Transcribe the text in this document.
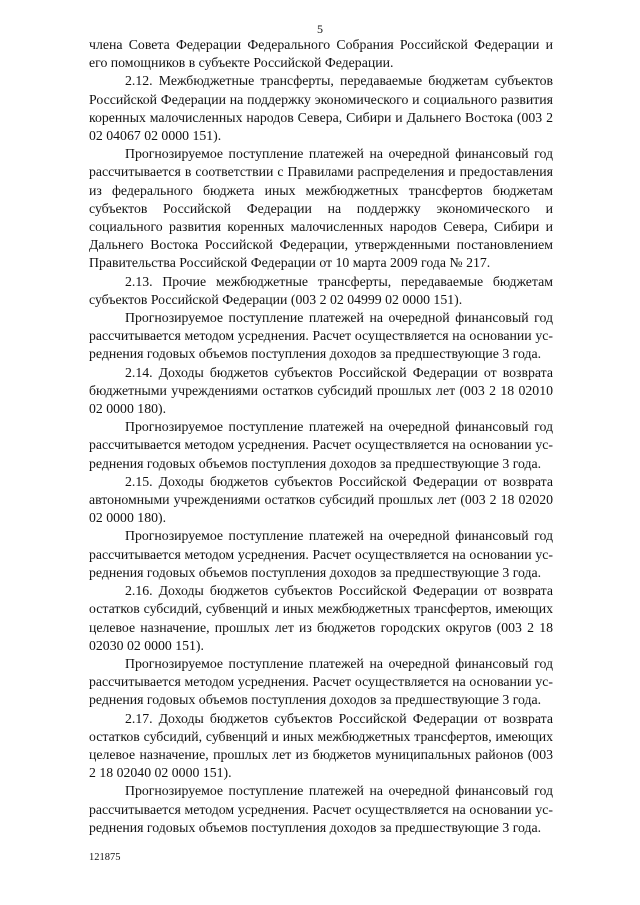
5

члена Совета Федерации Федерального Собрания Российской Федерации и его помощников в субъекте Российской Федерации.

2.12. Межбюджетные трансферты, передаваемые бюджетам субъектов Российской Федерации на поддержку экономического и социального развития коренных малочисленных народов Севера, Сибири и Дальнего Востока (003 2 02 04067 02 0000 151).

Прогнозируемое поступление платежей на очередной финансовый год рассчитывается в соответствии с Правилами распределения и предоставления из федерального бюджета иных межбюджетных трансфертов бюджетам субъектов Российской Федерации на поддержку экономического и социального развития коренных малочисленных народов Севера, Сибири и Дальнего Востока Российской Федерации, утвержденными постановлением Правительства Российской Федерации от 10 марта 2009 года № 217.

2.13. Прочие межбюджетные трансферты, передаваемые бюджетам субъектов Российской Федерации (003 2 02 04999 02 0000 151).

Прогнозируемое поступление платежей на очередной финансовый год рассчитывается методом усреднения. Расчет осуществляется на основании усреднения годовых объемов поступления доходов за предшествующие 3 года.

2.14. Доходы бюджетов субъектов Российской Федерации от возврата бюджетными учреждениями остатков субсидий прошлых лет (003 2 18 02010 02 0000 180).

Прогнозируемое поступление платежей на очередной финансовый год рассчитывается методом усреднения. Расчет осуществляется на основании усреднения годовых объемов поступления доходов за предшествующие 3 года.

2.15. Доходы бюджетов субъектов Российской Федерации от возврата автономными учреждениями остатков субсидий прошлых лет (003 2 18 02020 02 0000 180).

Прогнозируемое поступление платежей на очередной финансовый год рассчитывается методом усреднения. Расчет осуществляется на основании усреднения годовых объемов поступления доходов за предшествующие 3 года.

2.16. Доходы бюджетов субъектов Российской Федерации от возврата остатков субсидий, субвенций и иных межбюджетных трансфертов, имеющих целевое назначение, прошлых лет из бюджетов городских округов (003 2 18 02030 02 0000 151).

Прогнозируемое поступление платежей на очередной финансовый год рассчитывается методом усреднения. Расчет осуществляется на основании усреднения годовых объемов поступления доходов за предшествующие 3 года.

2.17. Доходы бюджетов субъектов Российской Федерации от возврата остатков субсидий, субвенций и иных межбюджетных трансфертов, имеющих целевое назначение, прошлых лет из бюджетов муниципальных районов (003 2 18 02040 02 0000 151).

Прогнозируемое поступление платежей на очередной финансовый год рассчитывается методом усреднения. Расчет осуществляется на основании усреднения годовых объемов поступления доходов за предшествующие 3 года.

121875
